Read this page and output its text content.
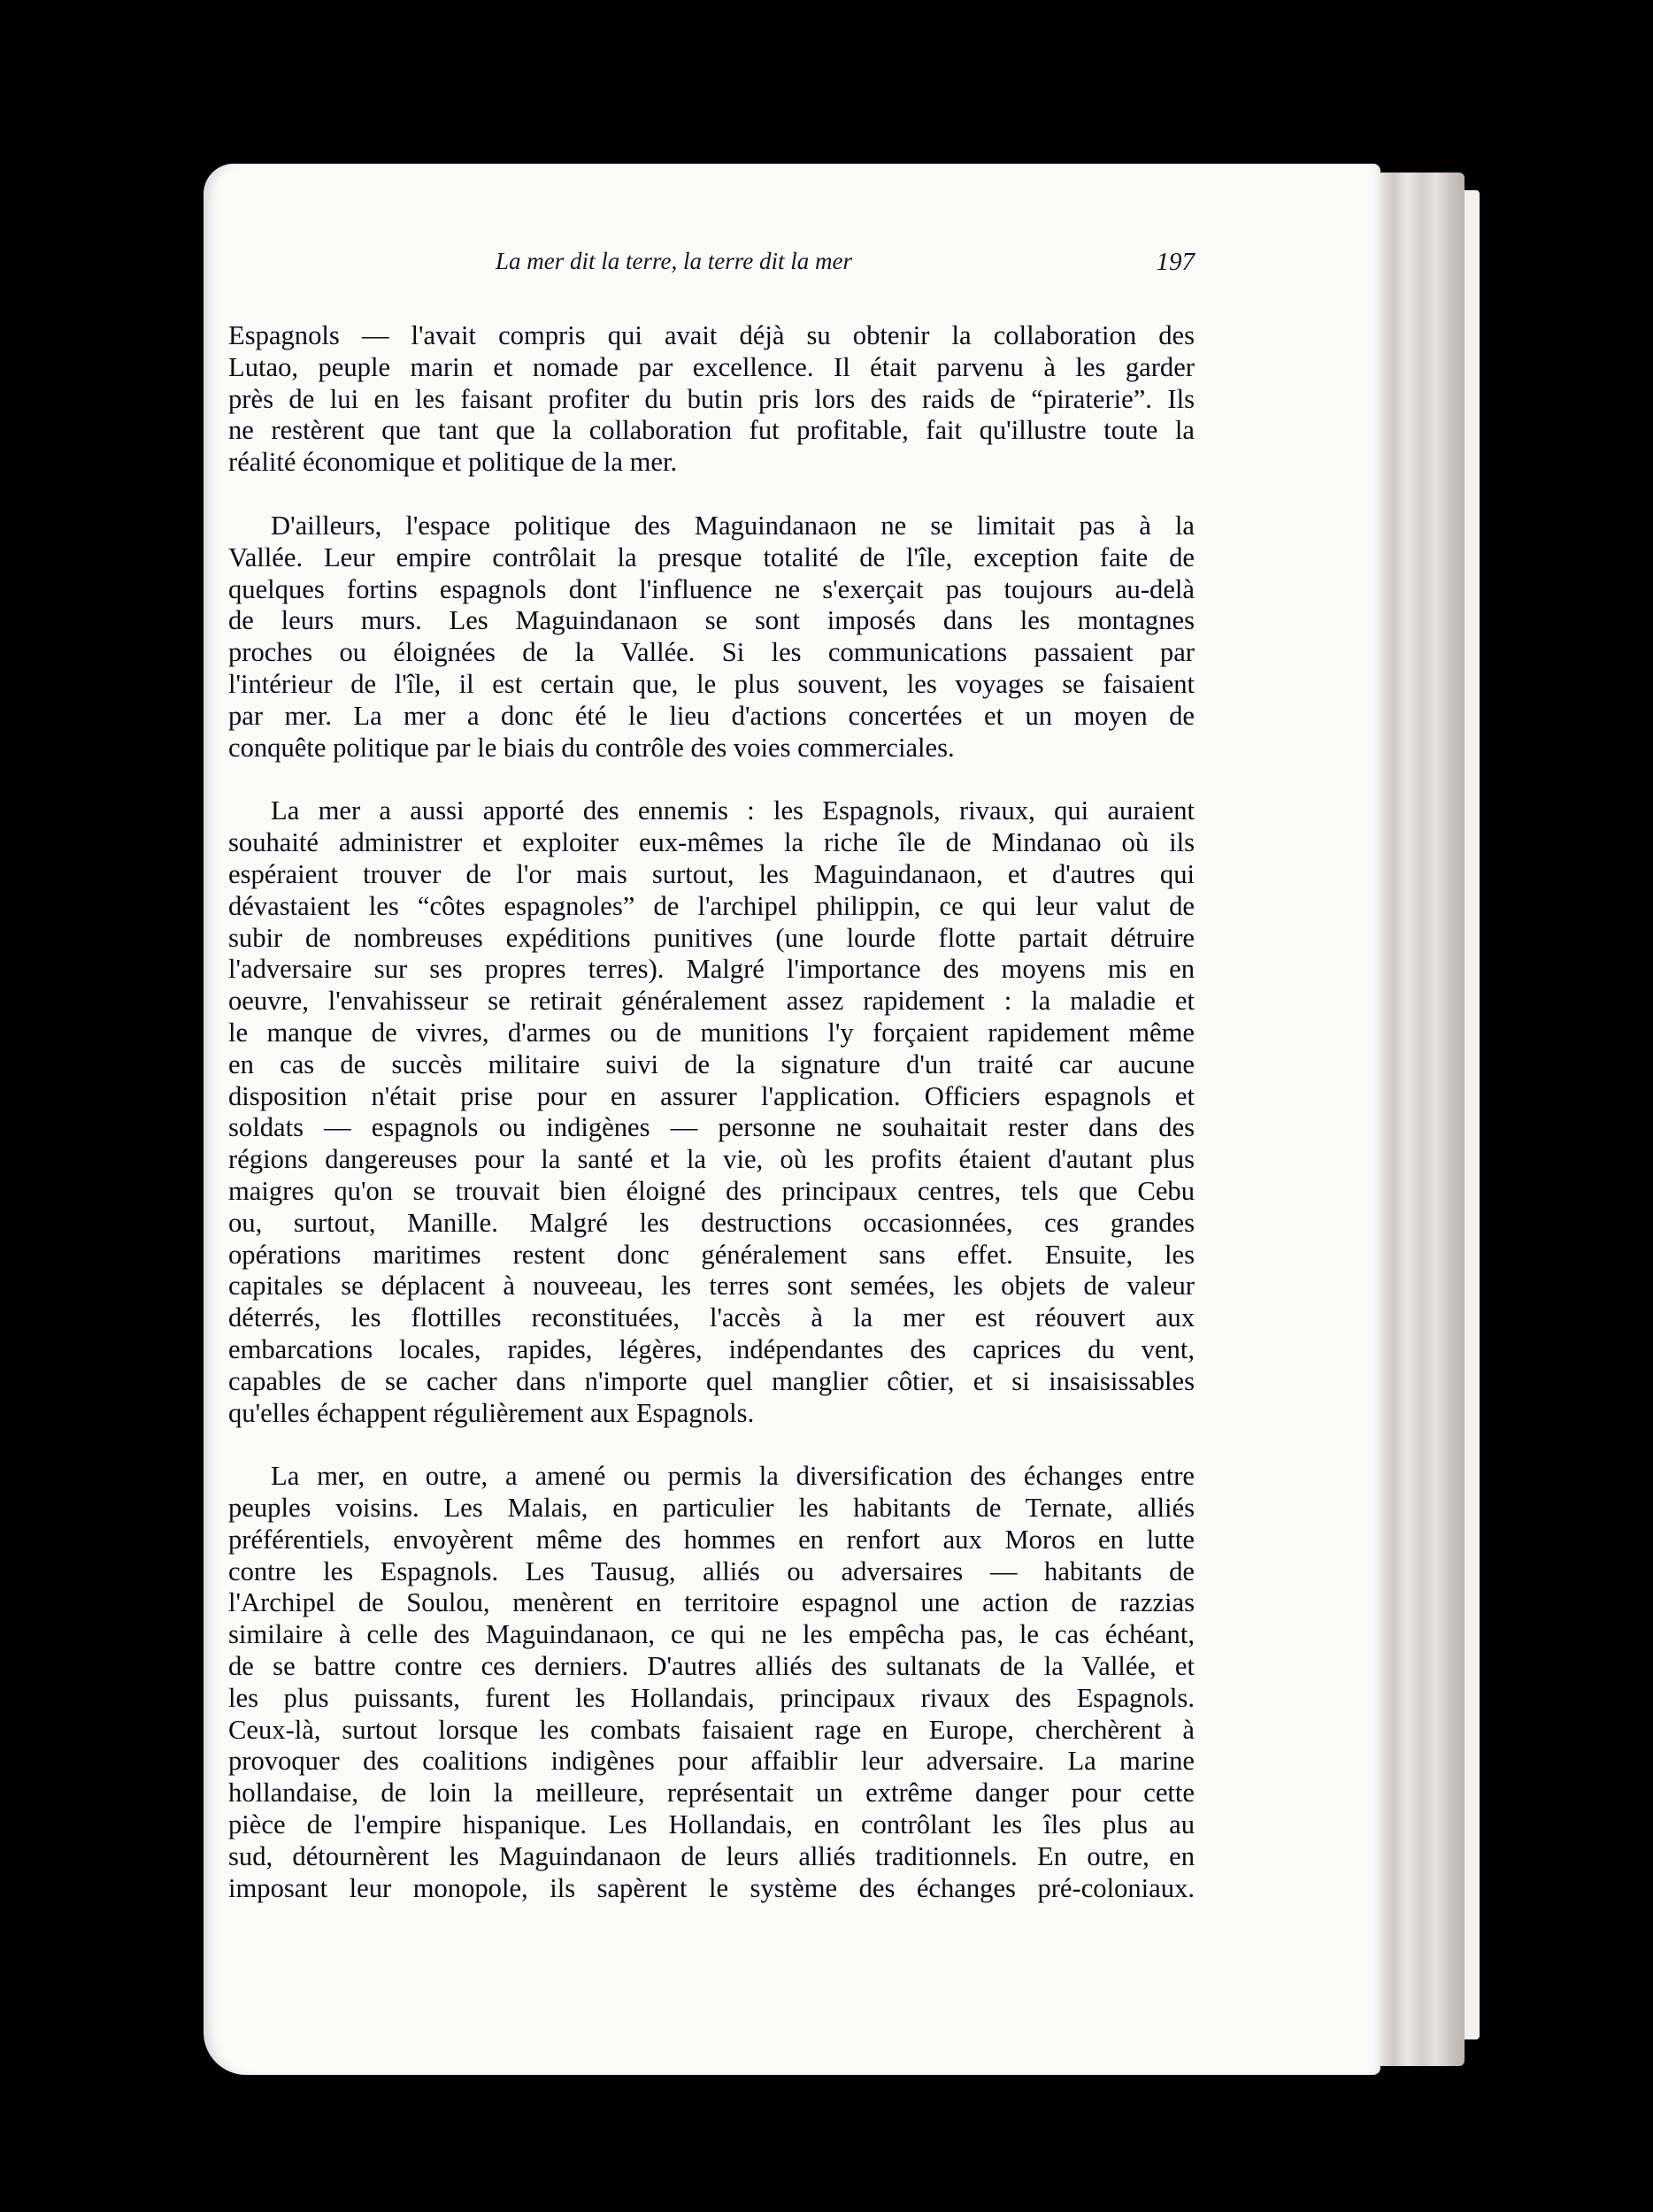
La mer dit la terre, la terre dit la mer	197
Espagnols — l'avait compris qui avait déjà su obtenir la collaboration des
Lutao, peuple marin et nomade par excellence. Il était parvenu à les garder
près de lui en les faisant profiter du butin pris lors des raids de “piraterie”. Ils
ne restèrent que tant que la collaboration fut profitable, fait qu'illustre toute la
réalité économique et politique de la mer.
D'ailleurs, l'espace politique des Maguindanaon ne se limitait pas à la
Vallée. Leur empire contrôlait la presque totalité de l'île, exception faite de
quelques fortins espagnols dont l'influence ne s'exerçait pas toujours au-delà
de leurs murs. Les Maguindanaon se sont imposés dans les montagnes
proches ou éloignées de la Vallée. Si les communications passaient par
l'intérieur de l'île, il est certain que, le plus souvent, les voyages se faisaient
par mer. La mer a donc été le lieu d'actions concertées et un moyen de
conquête politique par le biais du contrôle des voies commerciales.
La mer a aussi apporté des ennemis : les Espagnols, rivaux, qui auraient
souhaité administrer et exploiter eux-mêmes la riche île de Mindanao où ils
espéraient trouver de l'or mais surtout, les Maguindanaon, et d'autres qui
dévastaient les “côtes espagnoles” de l'archipel philippin, ce qui leur valut de
subir de nombreuses expéditions punitives (une lourde flotte partait détruire
l'adversaire sur ses propres terres). Malgré l'importance des moyens mis en
oeuvre, l'envahisseur se retirait généralement assez rapidement : la maladie et
le manque de vivres, d'armes ou de munitions l'y forçaient rapidement même
en cas de succès militaire suivi de la signature d'un traité car aucune
disposition n'était prise pour en assurer l'application. Officiers espagnols et
soldats — espagnols ou indigènes — personne ne souhaitait rester dans des
régions dangereuses pour la santé et la vie, où les profits étaient d'autant plus
maigres qu'on se trouvait bien éloigné des principaux centres, tels que Cebu
ou, surtout, Manille. Malgré les destructions occasionnées, ces grandes
opérations maritimes restent donc généralement sans effet. Ensuite, les
capitales se déplacent à nouveeau, les terres sont semées, les objets de valeur
déterrés, les flottilles reconstituées, l'accès à la mer est réouvert aux
embarcations locales, rapides, légères, indépendantes des caprices du vent,
capables de se cacher dans n'importe quel manglier côtier, et si insaisissables
qu'elles échappent régulièrement aux Espagnols.
La mer, en outre, a amené ou permis la diversification des échanges entre
peuples voisins. Les Malais, en particulier les habitants de Ternate, alliés
préférentiels, envoyèrent même des hommes en renfort aux Moros en lutte
contre les Espagnols. Les Tausug, alliés ou adversaires — habitants de
l'Archipel de Soulou, menèrent en territoire espagnol une action de razzias
similaire à celle des Maguindanaon, ce qui ne les empêcha pas, le cas échéant,
de se battre contre ces derniers. D'autres alliés des sultanats de la Vallée, et
les plus puissants, furent les Hollandais, principaux rivaux des Espagnols.
Ceux-là, surtout lorsque les combats faisaient rage en Europe, cherchèrent à
provoquer des coalitions indigènes pour affaiblir leur adversaire. La marine
hollandaise, de loin la meilleure, représentait un extrême danger pour cette
pièce de l'empire hispanique. Les Hollandais, en contrôlant les îles plus au
sud, détournèrent les Maguindanaon de leurs alliés traditionnels. En outre, en
imposant leur monopole, ils sapèrent le système des échanges pré-coloniaux.
